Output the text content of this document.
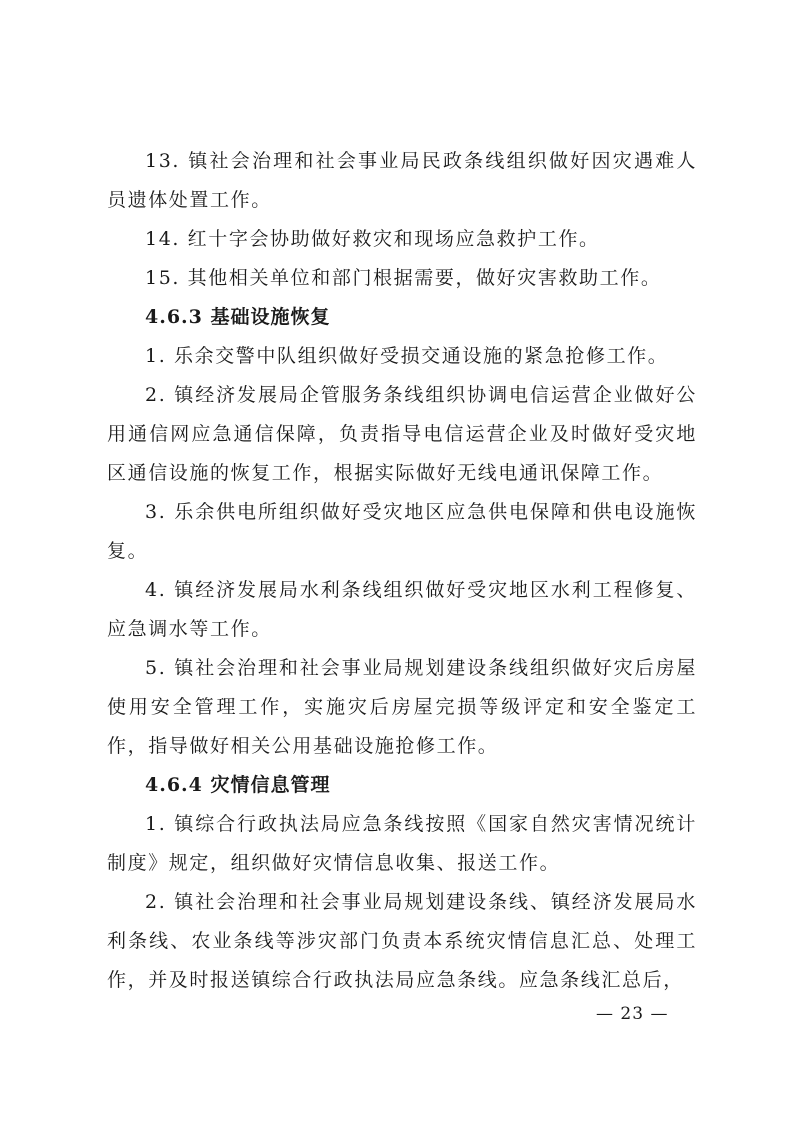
13. 镇社会治理和社会事业局民政条线组织做好因灾遇难人员遗体处置工作。

14. 红十字会协助做好救灾和现场应急救护工作。

15. 其他相关单位和部门根据需要，做好灾害救助工作。

4.6.3 基础设施恢复

1. 乐余交警中队组织做好受损交通设施的紧急抢修工作。

2. 镇经济发展局企管服务条线组织协调电信运营企业做好公用通信网应急通信保障，负责指导电信运营企业及时做好受灾地区通信设施的恢复工作，根据实际做好无线电通讯保障工作。

3. 乐余供电所组织做好受灾地区应急供电保障和供电设施恢复。

4. 镇经济发展局水利条线组织做好受灾地区水利工程修复、应急调水等工作。

5. 镇社会治理和社会事业局规划建设条线组织做好灾后房屋使用安全管理工作，实施灾后房屋完损等级评定和安全鉴定工作，指导做好相关公用基础设施抢修工作。

4.6.4 灾情信息管理

1. 镇综合行政执法局应急条线按照《国家自然灾害情况统计制度》规定，组织做好灾情信息收集、报送工作。

2. 镇社会治理和社会事业局规划建设条线、镇经济发展局水利条线、农业条线等涉灾部门负责本系统灾情信息汇总、处理工作，并及时报送镇综合行政执法局应急条线。应急条线汇总后，

— 23 —
